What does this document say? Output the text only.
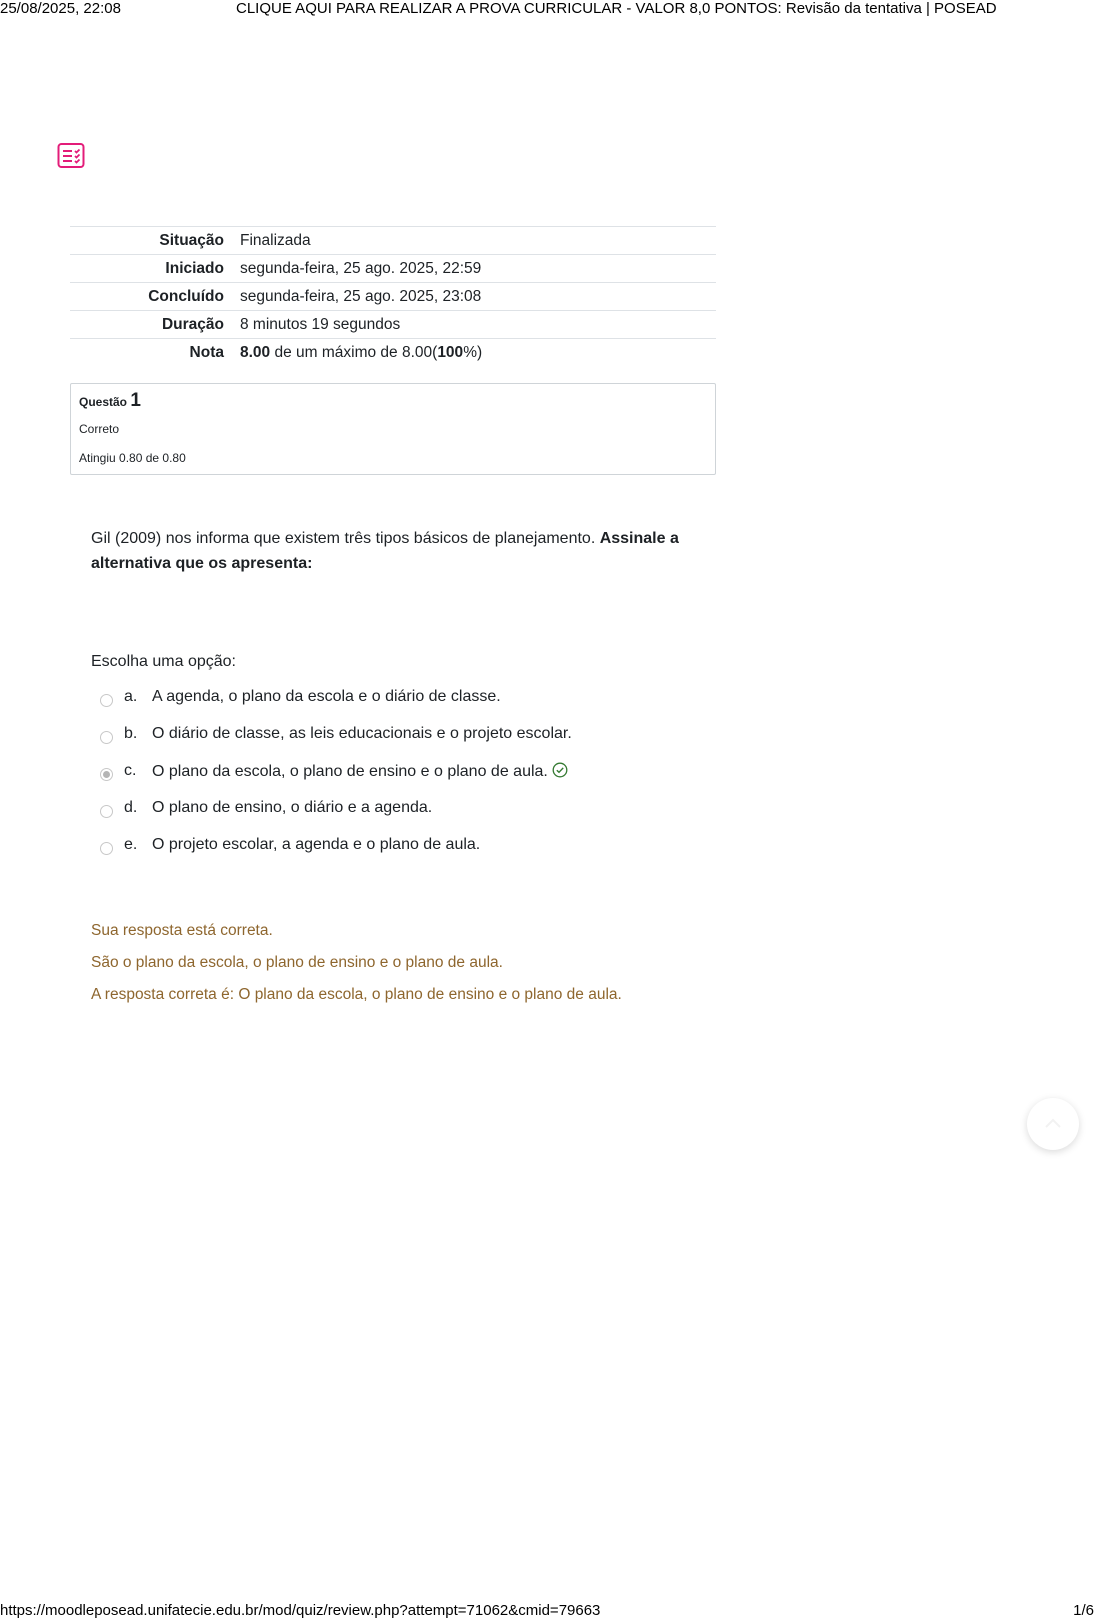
25/08/2025, 22:08	CLIQUE AQUI PARA REALIZAR A PROVA CURRICULAR - VALOR 8,0 PONTOS: Revisão da tentativa | POSEAD
Situação	Finalizada
Iniciado	segunda-feira, 25 ago. 2025, 22:59
Concluído	segunda-feira, 25 ago. 2025, 23:08
Duração	8 minutos 19 segundos
Nota	8.00 de um máximo de 8.00(100%)
Questão 1
Correto
Atingiu 0.80 de 0.80
Gil (2009) nos informa que existem três tipos básicos de planejamento. Assinale a alternativa que os apresenta:
Escolha uma opção:
a. A agenda, o plano da escola e o diário de classe.
b. O diário de classe, as leis educacionais e o projeto escolar.
c. O plano da escola, o plano de ensino e o plano de aula.
d. O plano de ensino, o diário e a agenda.
e. O projeto escolar, a agenda e o plano de aula.
Sua resposta está correta.
São o plano da escola, o plano de ensino e o plano de aula.
A resposta correta é: O plano da escola, o plano de ensino e o plano de aula.
https://moodleposead.unifatecie.edu.br/mod/quiz/review.php?attempt=71062&cmid=79663	1/6
